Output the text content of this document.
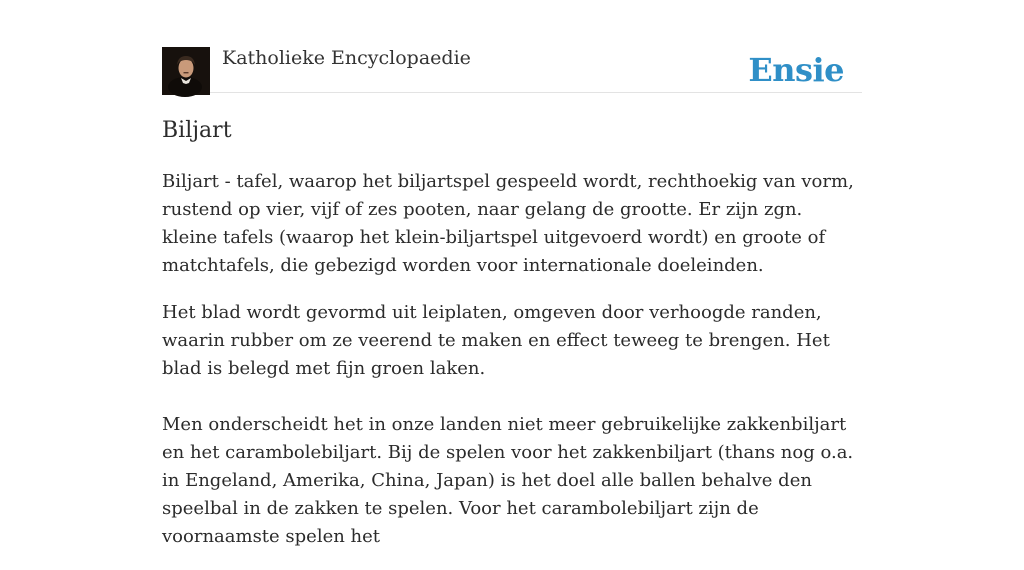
Katholieke Encyclopaedie	Ensie
Biljart

Biljart - tafel, waarop het biljartspel gespeeld wordt, rechthoekig van vorm, rustend op vier, vijf of zes pooten, naar gelang de grootte. Er zijn zgn. kleine tafels (waarop het klein-biljartspel uitgevoerd wordt) en groote of matchtafels, die gebezigd worden voor internationale doeleinden.

Het blad wordt gevormd uit leiplaten, omgeven door verhoogde randen, waarin rubber om ze veerend te maken en effect teweeg te brengen. Het blad is belegd met fijn groen laken.

Men onderscheidt het in onze landen niet meer gebruikelijke zakkenbiljart en het carambolebiljart. Bij de spelen voor het zakkenbiljart (thans nog o.a. in Engeland, Amerika, China, Japan) is het doel alle ballen behalve den speelbal in de zakken te spelen. Voor het carambolebiljart zijn de voornaamste spelen het
